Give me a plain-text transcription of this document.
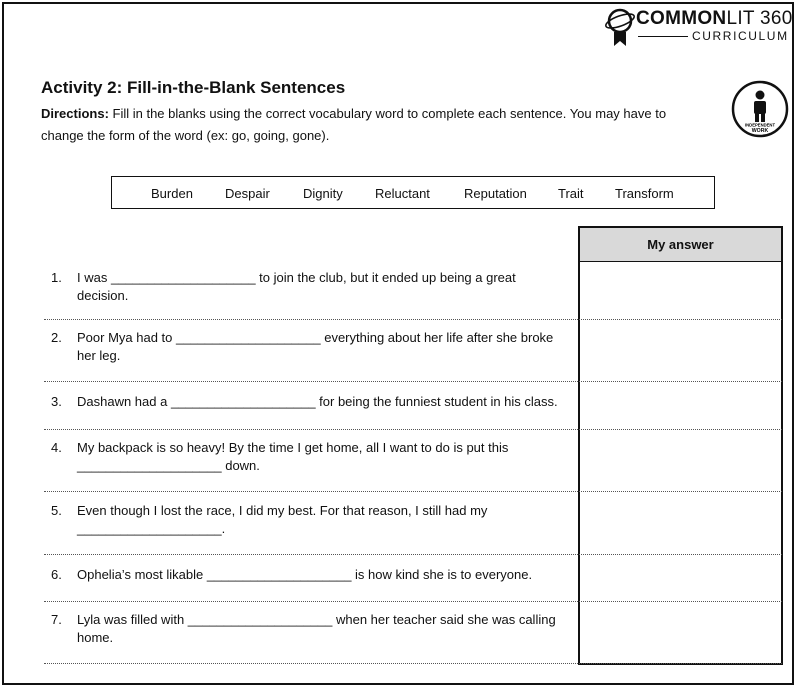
COMMONLIT 360
CURRICULUM
Activity 2: Fill-in-the-Blank Sentences
Directions: Fill in the blanks using the correct vocabulary word to complete each sentence. You may have to change the form of the word (ex: go, going, gone).
INDEPENDENT
WORK
Burden Despair	Dignity Reluctant	Reputation Trait Transform
My answer
1. I was ____________________ to join the club, but it ended up being a great decision.
2. Poor Mya had to ____________________ everything about her life after she broke her leg.
3. Dashawn had a ____________________ for being the funniest student in his class.
4. My backpack is so heavy! By the time I get home, all I want to do is put this ____________________ down.
5. Even though I lost the race, I did my best. For that reason, I still had my ____________________.
6. Ophelia’s most likable ____________________ is how kind she is to everyone.
7. Lyla was filled with ____________________ when her teacher said she was calling home.
